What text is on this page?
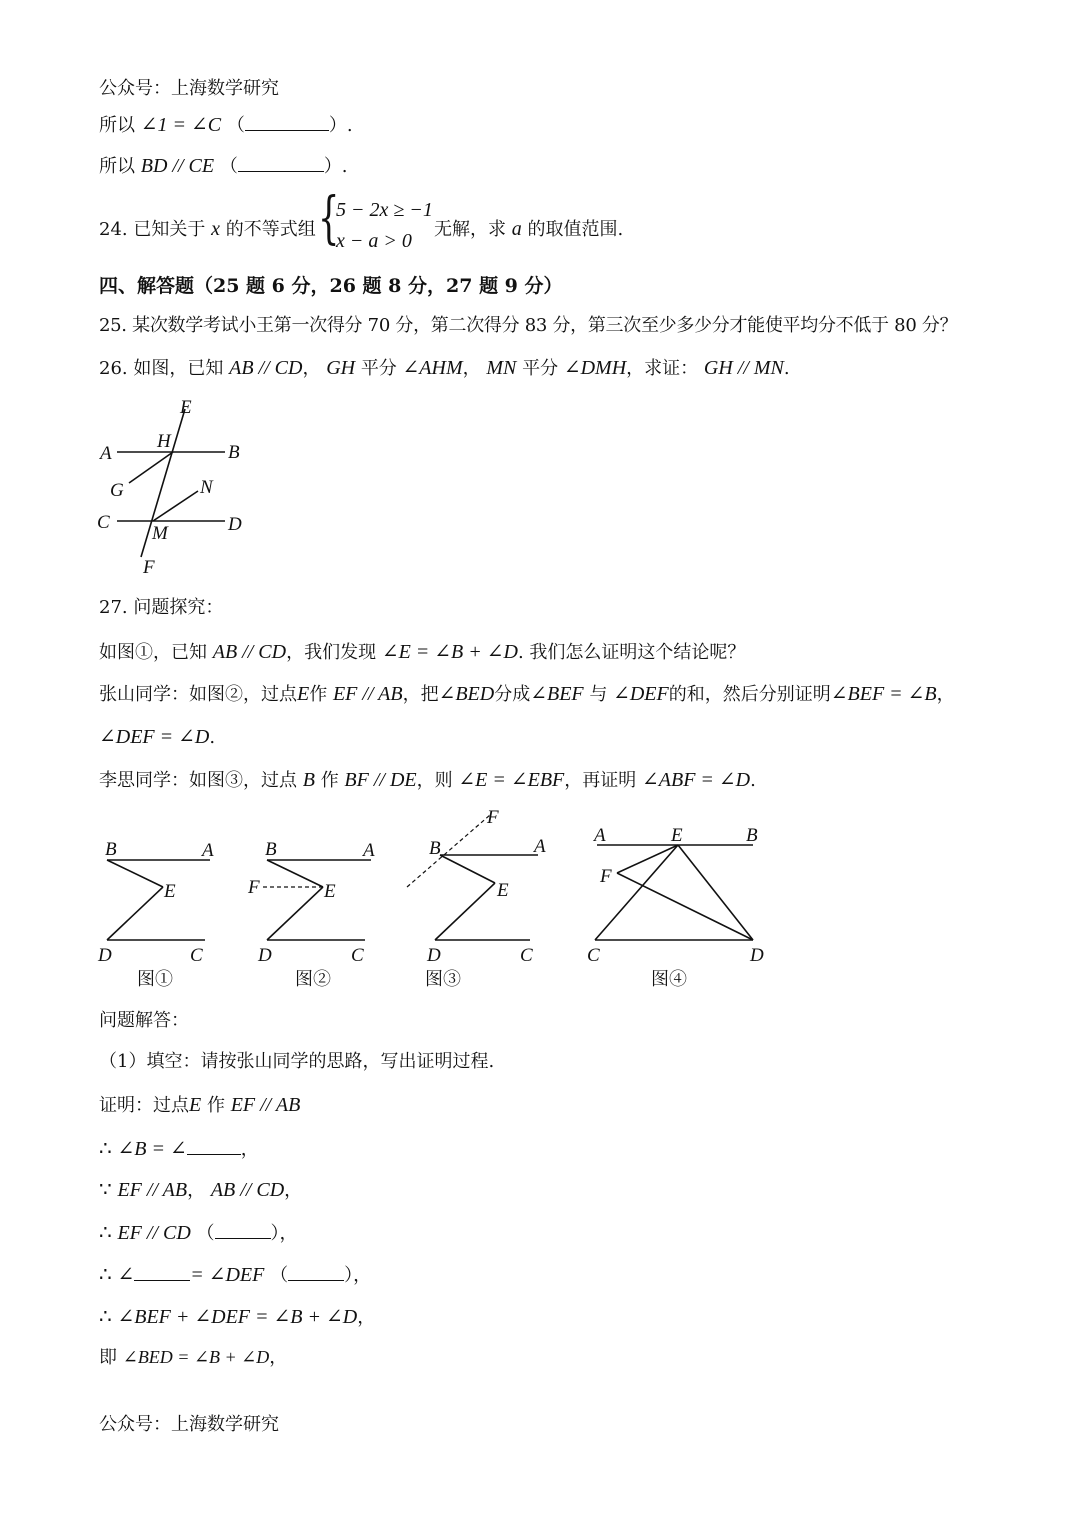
公众号：上海数学研究
所以 ∠1 = ∠C （	）.
所以 BD // CE （	）.
24. 已知关于 x 的不等式组 {
5 − 2x ≥ −1
x − a > 0
无解，求 a 的取值范围.
四、解答题（25 题 6 分，26 题 8 分，27 题 9 分）
25. 某次数学考试小王第一次得分 70 分，第二次得分 83 分，第三次至少多少分才能使平均分不低于 80 分？
26. 如图，已知 AB // CD， GH 平分 ∠AHM， MN 平分 ∠DMH，求证： GH // MN.
E
H
A	B
G	N
C	D
M
F
27. 问题探究：
如图①，已知 AB // CD，我们发现 ∠E = ∠B + ∠D. 我们怎么证明这个结论呢？
张山同学：如图②，过点E作 EF // AB，把∠BED分成∠BEF 与 ∠DEF的和，然后分别证明∠BEF = ∠B，
∠DEF = ∠D.
李思同学：如图③，过点 B 作 BF // DE，则 ∠E = ∠EBF，再证明 ∠ABF = ∠D.
B	A
E
D	C
图①
B	A
F	E
D	C
图②
F
B	A
E
D	C
图③
A	E	B
F
C	D
图④
问题解答：
（1）填空：请按张山同学的思路，写出证明过程.
证明：过点E 作 EF // AB
∴ ∠B = ∠	，
∵ EF // AB， AB // CD，
∴ EF // CD （	），
∴ ∠	= ∠DEF （	），
∴ ∠BEF + ∠DEF = ∠B + ∠D，
即 ∠BED = ∠B + ∠D，
公众号：上海数学研究
